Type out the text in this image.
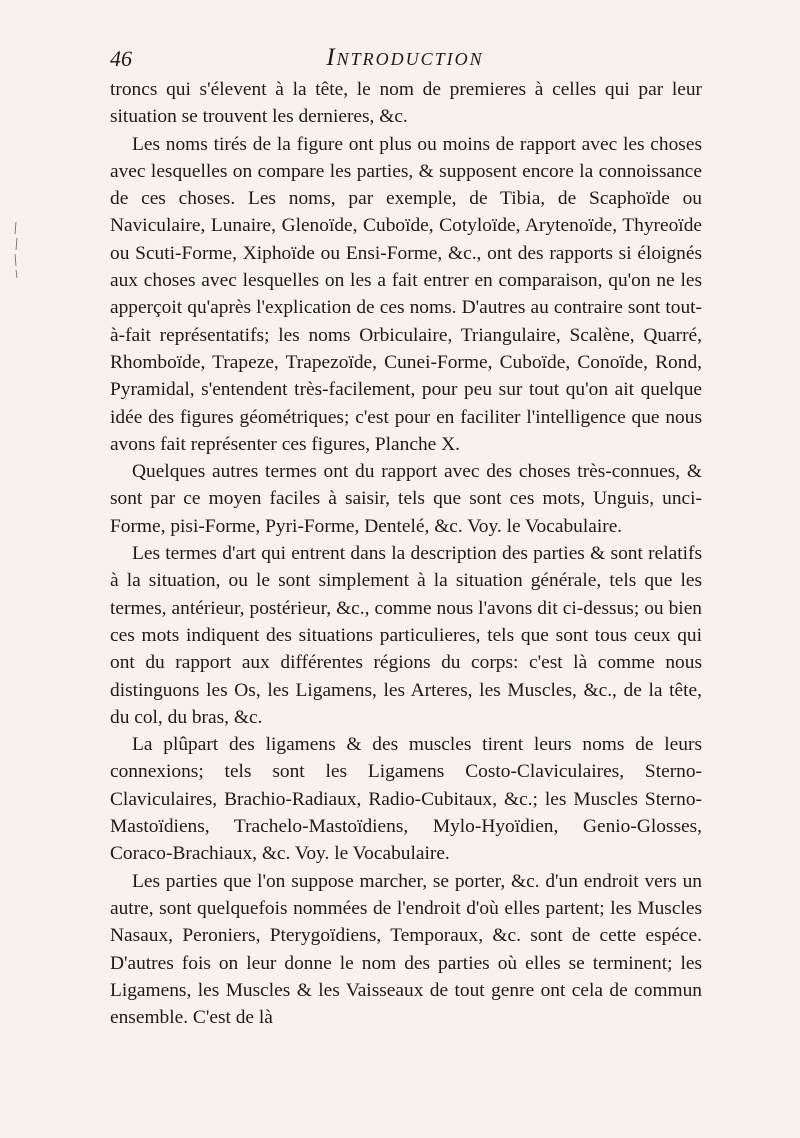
46	Introduction

troncs qui s'élevent à la tête, le nom de premieres à celles qui par leur situation se trouvent les dernieres, &c.

Les noms tirés de la figure ont plus ou moins de rapport avec les choses avec lesquelles on compare les parties, & supposent encore la connoissance de ces choses. Les noms, par exemple, de Tibia, de Scaphoïde ou Naviculaire, Lunaire, Glenoïde, Cuboïde, Cotyloïde, Arytenoïde, Thyreoïde ou Scuti-Forme, Xiphoïde ou Ensi-Forme, &c., ont des rapports si éloignés aux choses avec lesquelles on les a fait entrer en comparaison, qu'on ne les apperçoit qu'après l'explication de ces noms. D'autres au contraire sont tout-à-fait représentatifs; les noms Orbiculaire, Triangulaire, Scalène, Quarré, Rhomboïde, Trapeze, Trapezoïde, Cunei-Forme, Cuboïde, Conoïde, Rond, Pyramidal, s'entendent très-facilement, pour peu sur tout qu'on ait quelque idée des figures géométriques; c'est pour en faciliter l'intelligence que nous avons fait représenter ces figures, Planche X.

Quelques autres termes ont du rapport avec des choses très-connues, & sont par ce moyen faciles à saisir, tels que sont ces mots, Unguis, unci-Forme, pisi-Forme, Pyri-Forme, Dentelé, &c. Voy. le Vocabulaire.

Les termes d'art qui entrent dans la description des parties & sont relatifs à la situation, ou le sont simplement à la situation générale, tels que les termes, antérieur, postérieur, &c., comme nous l'avons dit ci-dessus; ou bien ces mots indiquent des situations particulieres, tels que sont tous ceux qui ont du rapport aux différentes régions du corps: c'est là comme nous distinguons les Os, les Ligamens, les Arteres, les Muscles, &c., de la tête, du col, du bras, &c.

La plûpart des ligamens & des muscles tirent leurs noms de leurs connexions; tels sont les Ligamens Costo-Claviculaires, Sterno-Claviculaires, Brachio-Radiaux, Radio-Cubitaux, &c.; les Muscles Sterno-Mastoïdiens, Trachelo-Mastoïdiens, Mylo-Hyoïdien, Genio-Glosses, Coraco-Brachiaux, &c. Voy. le Vocabulaire.

Les parties que l'on suppose marcher, se porter, &c. d'un endroit vers un autre, sont quelquefois nommées de l'endroit d'où elles partent; les Muscles Nasaux, Peroniers, Pterygoïdiens, Temporaux, &c. sont de cette espéce. D'autres fois on leur donne le nom des parties où elles se terminent; les Ligamens, les Muscles & les Vaisseaux de tout genre ont cela de commun ensemble. C'est de là
